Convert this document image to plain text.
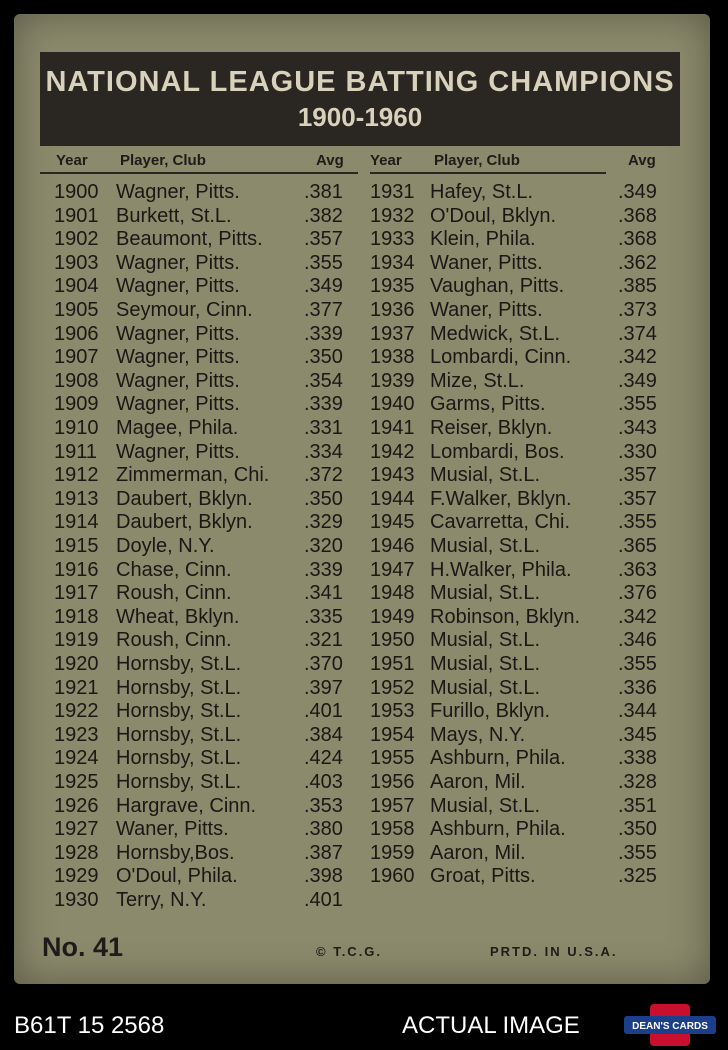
NATIONAL LEAGUE BATTING CHAMPIONS
1900-1960
Year Player, Club	Avg Year Player, Club	Avg
1900 Wagner, Pitts.	.381
1901 Burkett, St.L.	.382
1902 Beaumont, Pitts. .357
1903 Wagner, Pitts.	.355
1904 Wagner, Pitts.	.349
1905 Seymour, Cinn.	.377
1906 Wagner, Pitts.	.339
1907 Wagner, Pitts.	.350
1908 Wagner, Pitts.	.354
1909 Wagner, Pitts.	.339
1910 Magee, Phila.	.331
1911 Wagner, Pitts.	.334
1912 Zimmerman, Chi. .372
1913 Daubert, Bklyn.	.350
1914 Daubert, Bklyn.	.329
1915 Doyle, N.Y.	.320
1916 Chase, Cinn.	.339
1917 Roush, Cinn.	.341
1918 Wheat, Bklyn.	.335
1919 Roush, Cinn.	.321
1920 Hornsby, St.L.	.370
1921 Hornsby, St.L.	.397
1922 Hornsby, St.L.	.401
1923 Hornsby, St.L.	.384
1924 Hornsby, St.L.	.424
1925 Hornsby, St.L.	.403
1926 Hargrave, Cinn. .353
1927 Waner, Pitts.	.380
1928 Hornsby,Bos.	.387
1929 O'Doul, Phila.	.398
1930 Terry, N.Y.	.401
1931 Hafey, St.L.	.349
1932 O'Doul, Bklyn.	.368
1933 Klein, Phila.	.368
1934 Waner, Pitts.	.362
1935 Vaughan, Pitts.	.385
1936 Waner, Pitts.	.373
1937 Medwick, St.L.	.374
1938 Lombardi, Cinn. .342
1939 Mize, St.L.	.349
1940 Garms, Pitts.	.355
1941 Reiser, Bklyn.	.343
1942 Lombardi, Bos.	.330
1943 Musial, St.L.	.357
1944 F.Walker, Bklyn. .357
1945 Cavarretta, Chi. .355
1946 Musial, St.L.	.365
1947 H.Walker, Phila. .363
1948 Musial, St.L.	.376
1949 Robinson, Bklyn. .342
1950 Musial, St.L.	.346
1951 Musial, St.L.	.355
1952 Musial, St.L.	.336
1953 Furillo, Bklyn.	.344
1954 Mays, N.Y.	.345
1955 Ashburn, Phila.	.338
1956 Aaron, Mil.	.328
1957 Musial, St.L.	.351
1958 Ashburn, Phila.	.350
1959 Aaron, Mil.	.355
1960 Groat, Pitts.	.325
No. 41	© T.C.G.	PRTD. IN U.S.A.
B61T 15 2568	ACTUAL IMAGE	DEAN'S CARDS
